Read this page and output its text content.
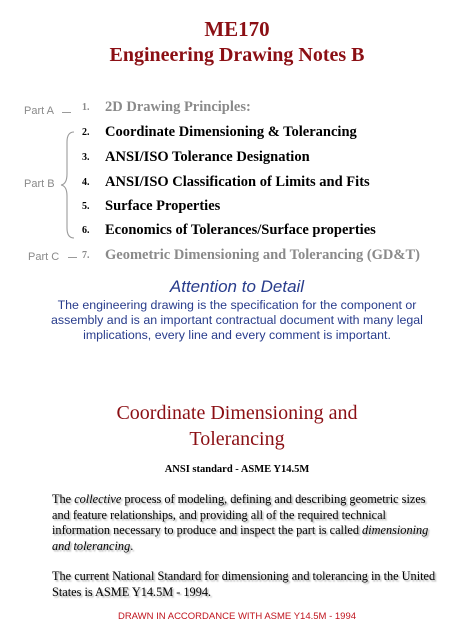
ME170
Engineering Drawing Notes B
Part A
Part B
Part C
1.	2D Drawing Principles:
2.	Coordinate Dimensioning & Tolerancing
3.	ANSI/ISO Tolerance Designation
4.	ANSI/ISO Classification of Limits and Fits
5.	Surface Properties
6.	Economics of Tolerances/Surface properties
7.	Geometric Dimensioning and Tolerancing (GD&T)
Attention to Detail
The engineering drawing is the specification for the component or assembly and is an important contractual document with many legal implications, every line and every comment is important.
Coordinate Dimensioning and
Tolerancing
ANSI standard - ASME Y14.5M
The collective process of modeling, defining and describing geometric sizes and feature relationships, and providing all of the required technical information necessary to produce and inspect the part is called dimensioning and tolerancing.
The current National Standard for dimensioning and tolerancing in the United States is ASME Y14.5M - 1994.
DRAWN IN ACCORDANCE WITH ASME Y14.5M - 1994
